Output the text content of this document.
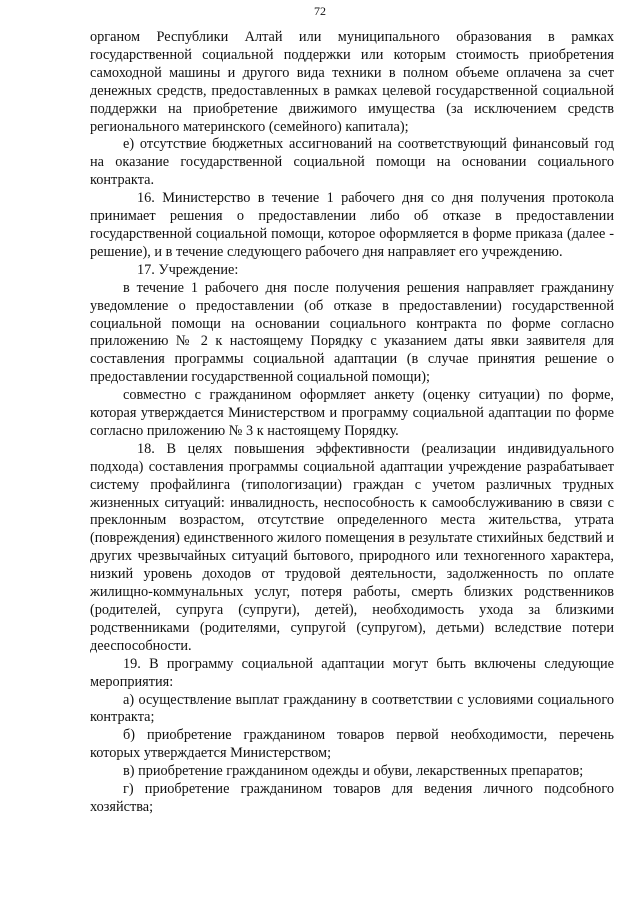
72

органом Республики Алтай или муниципального образования в рамках государственной социальной поддержки или которым стоимость приобретения самоходной машины и другого вида техники в полном объеме оплачена за счет денежных средств, предоставленных в рамках целевой государственной социальной поддержки на приобретение движимого имущества (за исключением средств регионального материнского (семейного) капитала);

е) отсутствие бюджетных ассигнований на соответствующий финансовый год на оказание государственной социальной помощи на основании социального контракта.

16. Министерство в течение 1 рабочего дня со дня получения протокола принимает решения о предоставлении либо об отказе в предоставлении государственной социальной помощи, которое оформляется в форме приказа (далее - решение), и в течение следующего рабочего дня направляет его учреждению.

17. Учреждение:

в течение 1 рабочего дня после получения решения направляет гражданину уведомление о предоставлении (об отказе в предоставлении) государственной социальной помощи на основании социального контракта по форме согласно приложению № 2 к настоящему Порядку с указанием даты явки заявителя для составления программы социальной адаптации (в случае принятия решение о предоставлении государственной социальной помощи);

совместно с гражданином оформляет анкету (оценку ситуации) по форме, которая утверждается Министерством и программу социальной адаптации по форме согласно приложению № 3 к настоящему Порядку.

18. В целях повышения эффективности (реализации индивидуального подхода) составления программы социальной адаптации учреждение разрабатывает систему профайлинга (типологизации) граждан с учетом различных трудных жизненных ситуаций: инвалидность, неспособность к самообслуживанию в связи с преклонным возрастом, отсутствие определенного места жительства, утрата (повреждения) единственного жилого помещения в результате стихийных бедствий и других чрезвычайных ситуаций бытового, природного или техногенного характера, низкий уровень доходов от трудовой деятельности, задолженность по оплате жилищно-коммунальных услуг, потеря работы, смерть близких родственников (родителей, супруга (супруги), детей), необходимость ухода за близкими родственниками (родителями, супругой (супругом), детьми) вследствие потери дееспособности.

19. В программу социальной адаптации могут быть включены следующие мероприятия:

а) осуществление выплат гражданину в соответствии с условиями социального контракта;

б) приобретение гражданином товаров первой необходимости, перечень которых утверждается Министерством;

в) приобретение гражданином одежды и обуви, лекарственных препаратов;

г) приобретение гражданином товаров для ведения личного подсобного хозяйства;
